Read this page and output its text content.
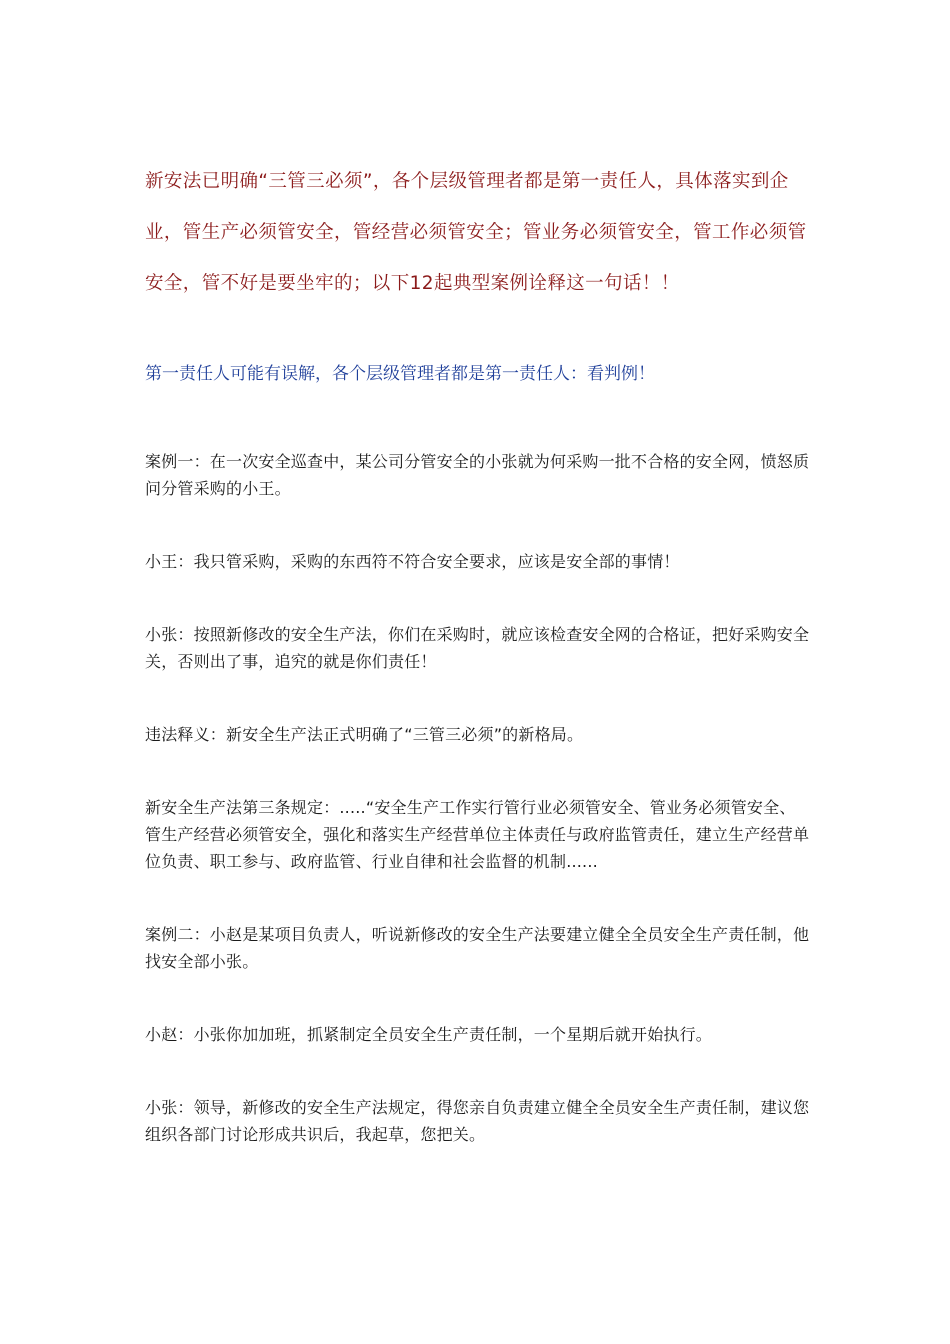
新安法已明确“三管三必须”，各个层级管理者都是第一责任人，具体落实到企业，管生产必须管安全，管经营必须管安全；管业务必须管安全，管工作必须管安全，管不好是要坐牢的；以下12起典型案例诠释这一句话！！

第一责任人可能有误解，各个层级管理者都是第一责任人：看判例！

案例一：在一次安全巡查中，某公司分管安全的小张就为何采购一批不合格的安全网，愤怒质问分管采购的小王。

小王：我只管采购，采购的东西符不符合安全要求，应该是安全部的事情！

小张：按照新修改的安全生产法，你们在采购时，就应该检查安全网的合格证，把好采购安全关，否则出了事，追究的就是你们责任！

违法释义：新安全生产法正式明确了“三管三必须”的新格局。

新安全生产法第三条规定：.....“安全生产工作实行管行业必须管安全、管业务必须管安全、管生产经营必须管安全，强化和落实生产经营单位主体责任与政府监管责任，建立生产经营单位负责、职工参与、政府监管、行业自律和社会监督的机制......

案例二：小赵是某项目负责人，听说新修改的安全生产法要建立健全全员安全生产责任制，他找安全部小张。

小赵：小张你加加班，抓紧制定全员安全生产责任制，一个星期后就开始执行。

小张：领导，新修改的安全生产法规定，得您亲自负责建立健全全员安全生产责任制，建议您组织各部门讨论形成共识后，我起草，您把关。
